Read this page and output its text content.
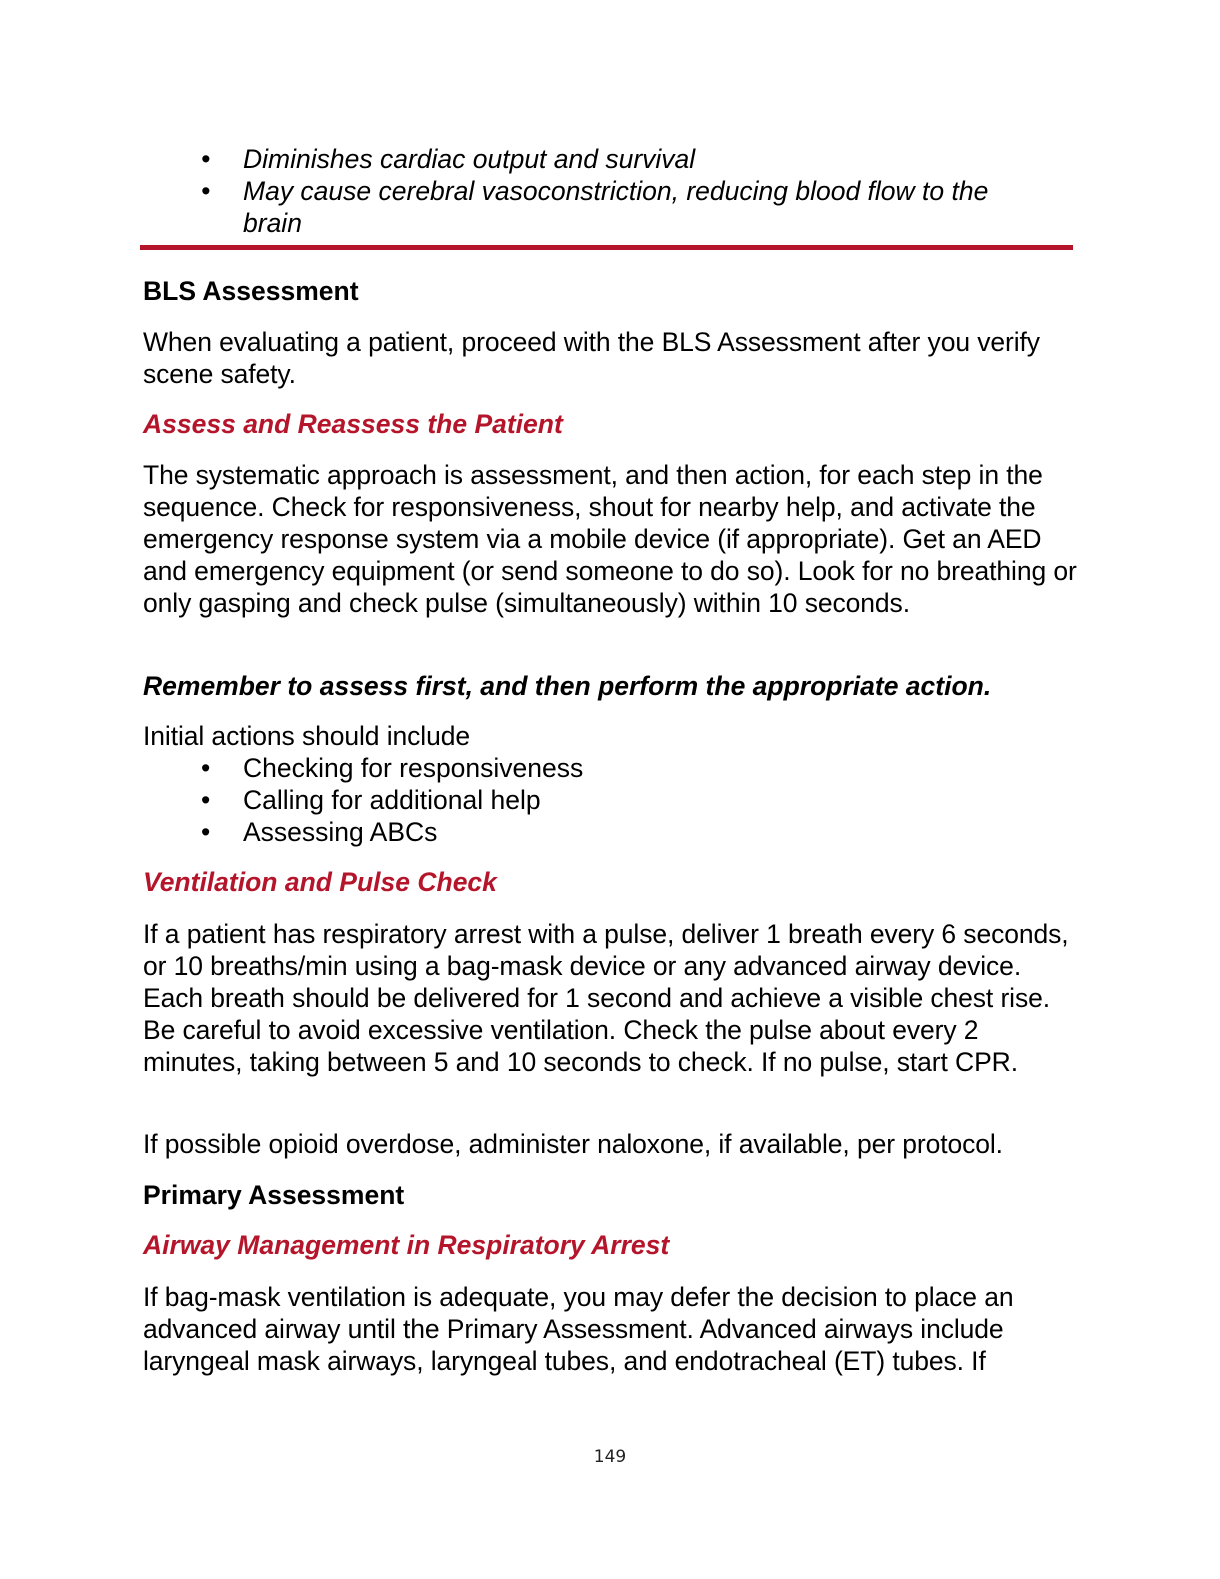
• Diminishes cardiac output and survival
• May cause cerebral vasoconstriction, reducing blood flow to the brain
BLS Assessment

When evaluating a patient, proceed with the BLS Assessment after you verify scene safety.

Assess and Reassess the Patient

The systematic approach is assessment, and then action, for each step in the sequence. Check for responsiveness, shout for nearby help, and activate the emergency response system via a mobile device (if appropriate). Get an AED and emergency equipment (or send someone to do so). Look for no breathing or only gasping and check pulse (simultaneously) within 10 seconds.

Remember to assess first, and then perform the appropriate action.

Initial actions should include

• Checking for responsiveness
• Calling for additional help
• Assessing ABCs
Ventilation and Pulse Check

If a patient has respiratory arrest with a pulse, deliver 1 breath every 6 seconds, or 10 breaths/min using a bag-mask device or any advanced airway device. Each breath should be delivered for 1 second and achieve a visible chest rise. Be careful to avoid excessive ventilation. Check the pulse about every 2 minutes, taking between 5 and 10 seconds to check. If no pulse, start CPR.

If possible opioid overdose, administer naloxone, if available, per protocol.

Primary Assessment
Airway Management in Respiratory Arrest

If bag-mask ventilation is adequate, you may defer the decision to place an advanced airway until the Primary Assessment. Advanced airways include laryngeal mask airways, laryngeal tubes, and endotracheal (ET) tubes. If

149
